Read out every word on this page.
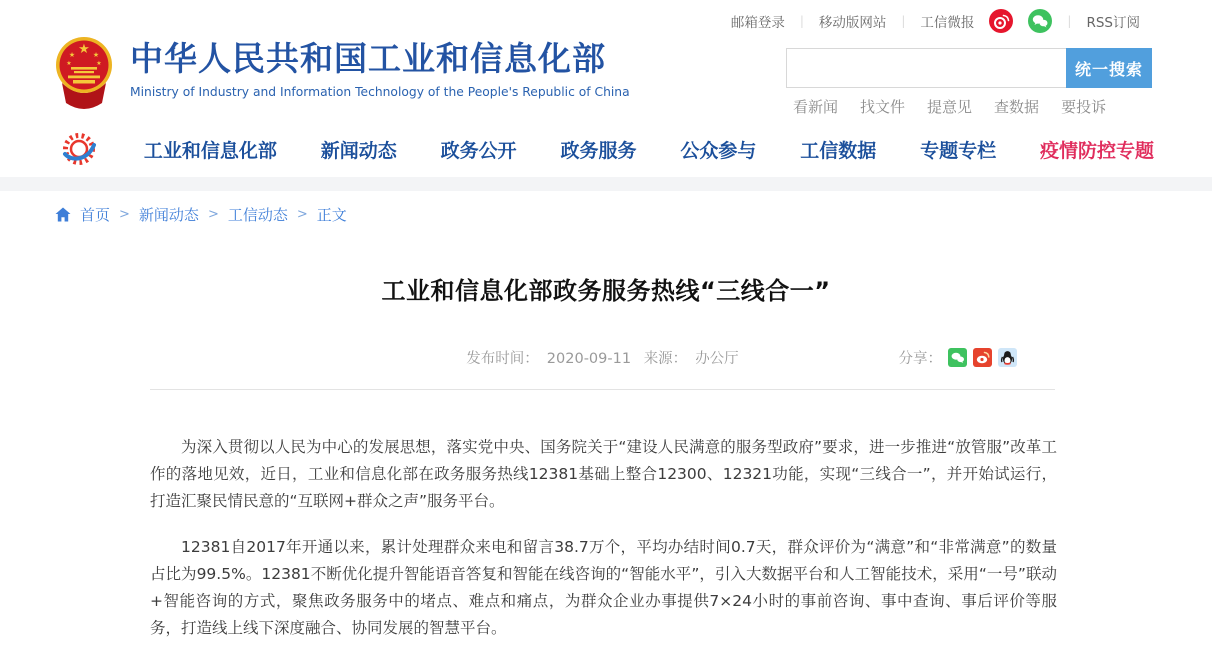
邮箱登录 | 移动版网站 | 工信微报	| RSS订阅
★
★	★
★	★ 中华人民共和国工业和信息化部
Ministry of Industry and Information Technology of the People's Republic of China
统一搜索
看新闻 找文件 提意见 查数据 要投诉
工业和信息化部 新闻动态 政务公开 政务服务 公众参与 工信数据 专题专栏 疫情防控专题
首页 > 新闻动态 > 工信动态 > 正文
工业和信息化部政务服务热线“三线合一”
发布时间： 2020-09-11 来源： 办公厅	分享：

为深入贯彻以人民为中心的发展思想，落实党中央、国务院关于“建设人民满意的服务型政府”要求，进一步推进“放管服”改革工作的落地见效，近日，工业和信息化部在政务服务热线12381基础上整合12300、12321功能，实现“三线合一”，并开始试运行，打造汇聚民情民意的“互联网+群众之声”服务平台。

12381自2017年开通以来，累计处理群众来电和留言38.7万个，平均办结时间0.7天，群众评价为“满意”和“非常满意”的数量占比为99.5%。12381不断优化提升智能语音答复和智能在线咨询的“智能水平”，引入大数据平台和人工智能技术，采用“一号”联动+智能咨询的方式，聚焦政务服务中的堵点、难点和痛点，为群众企业办事提供7×24小时的事前咨询、事中查询、事后评价等服务，打造线上线下深度融合、协同发展的智慧平台。
